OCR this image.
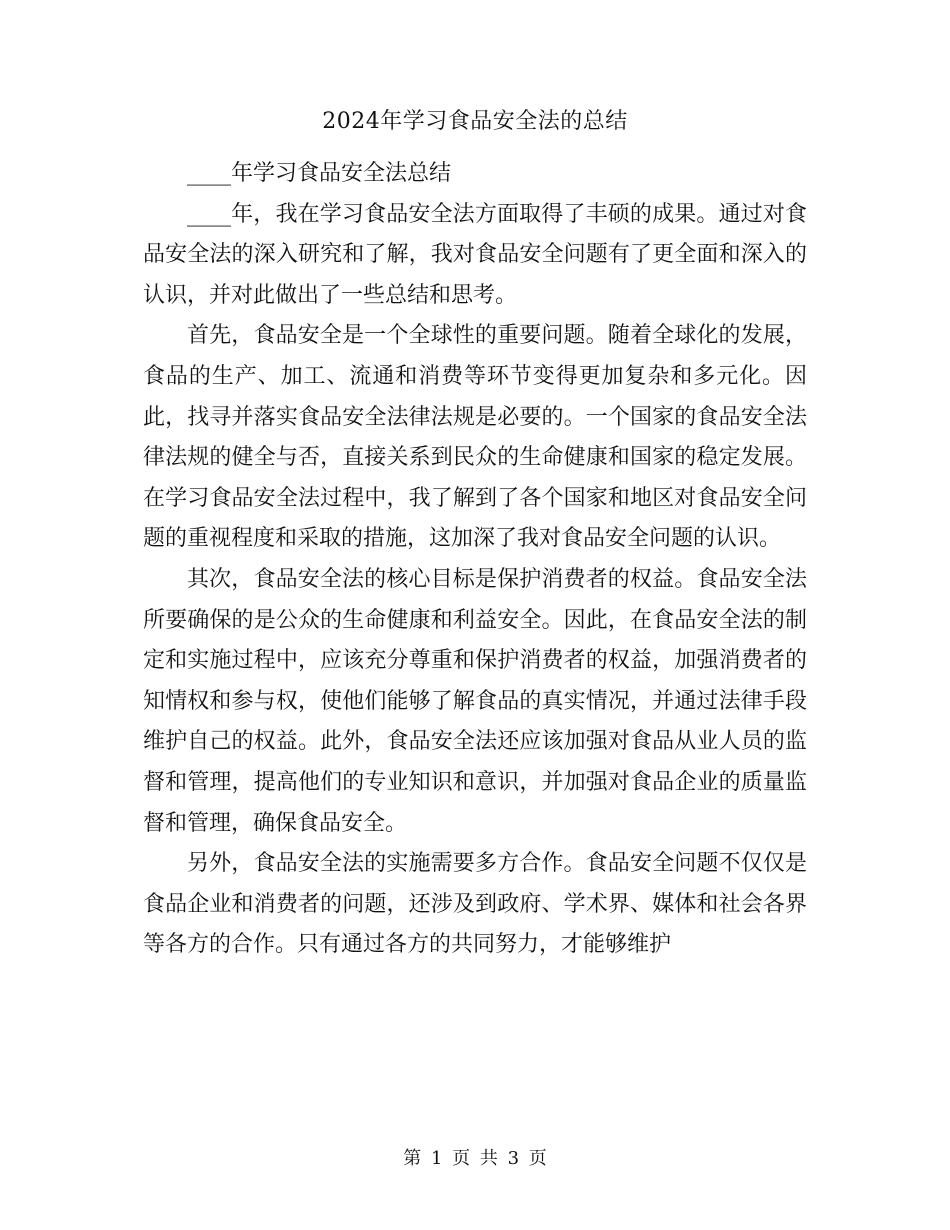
2024年学习食品安全法的总结

____年学习食品安全法总结

____年，我在学习食品安全法方面取得了丰硕的成果。通过对食品安全法的深入研究和了解，我对食品安全问题有了更全面和深入的认识，并对此做出了一些总结和思考。

首先，食品安全是一个全球性的重要问题。随着全球化的发展，食品的生产、加工、流通和消费等环节变得更加复杂和多元化。因此，找寻并落实食品安全法律法规是必要的。一个国家的食品安全法律法规的健全与否，直接关系到民众的生命健康和国家的稳定发展。在学习食品安全法过程中，我了解到了各个国家和地区对食品安全问题的重视程度和采取的措施，这加深了我对食品安全问题的认识。

其次，食品安全法的核心目标是保护消费者的权益。食品安全法所要确保的是公众的生命健康和利益安全。因此，在食品安全法的制定和实施过程中，应该充分尊重和保护消费者的权益，加强消费者的知情权和参与权，使他们能够了解食品的真实情况，并通过法律手段维护自己的权益。此外，食品安全法还应该加强对食品从业人员的监督和管理，提高他们的专业知识和意识，并加强对食品企业的质量监督和管理，确保食品安全。

另外，食品安全法的实施需要多方合作。食品安全问题不仅仅是食品企业和消费者的问题，还涉及到政府、学术界、媒体和社会各界等各方的合作。只有通过各方的共同努力，才能够维护

第 1 页 共 3 页
